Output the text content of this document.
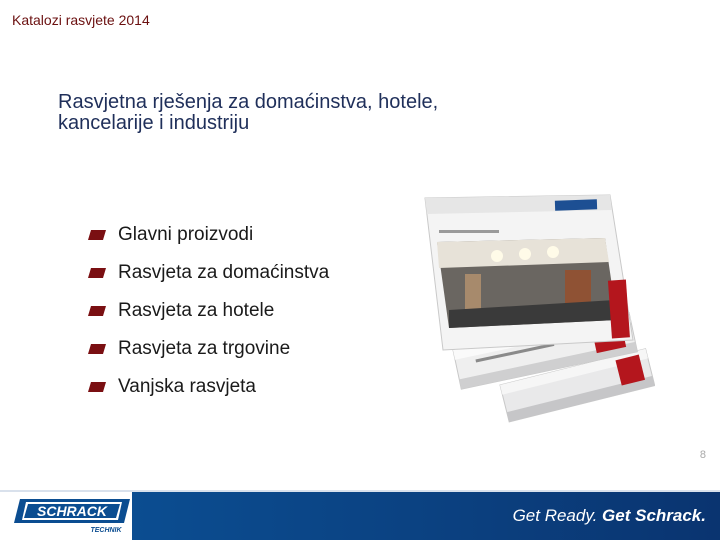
Katalozi rasvjete 2014
Rasvjetna rješenja za domaćinstva, hotele,
kancelarije i industriju
Glavni proizvodi
Rasvjeta za domaćinstva
Rasvjeta za hotele
Rasvjeta za trgovine
Vanjska rasvjeta
8
SCHRACK
TECHNIK
Get Ready. Get Schrack.
